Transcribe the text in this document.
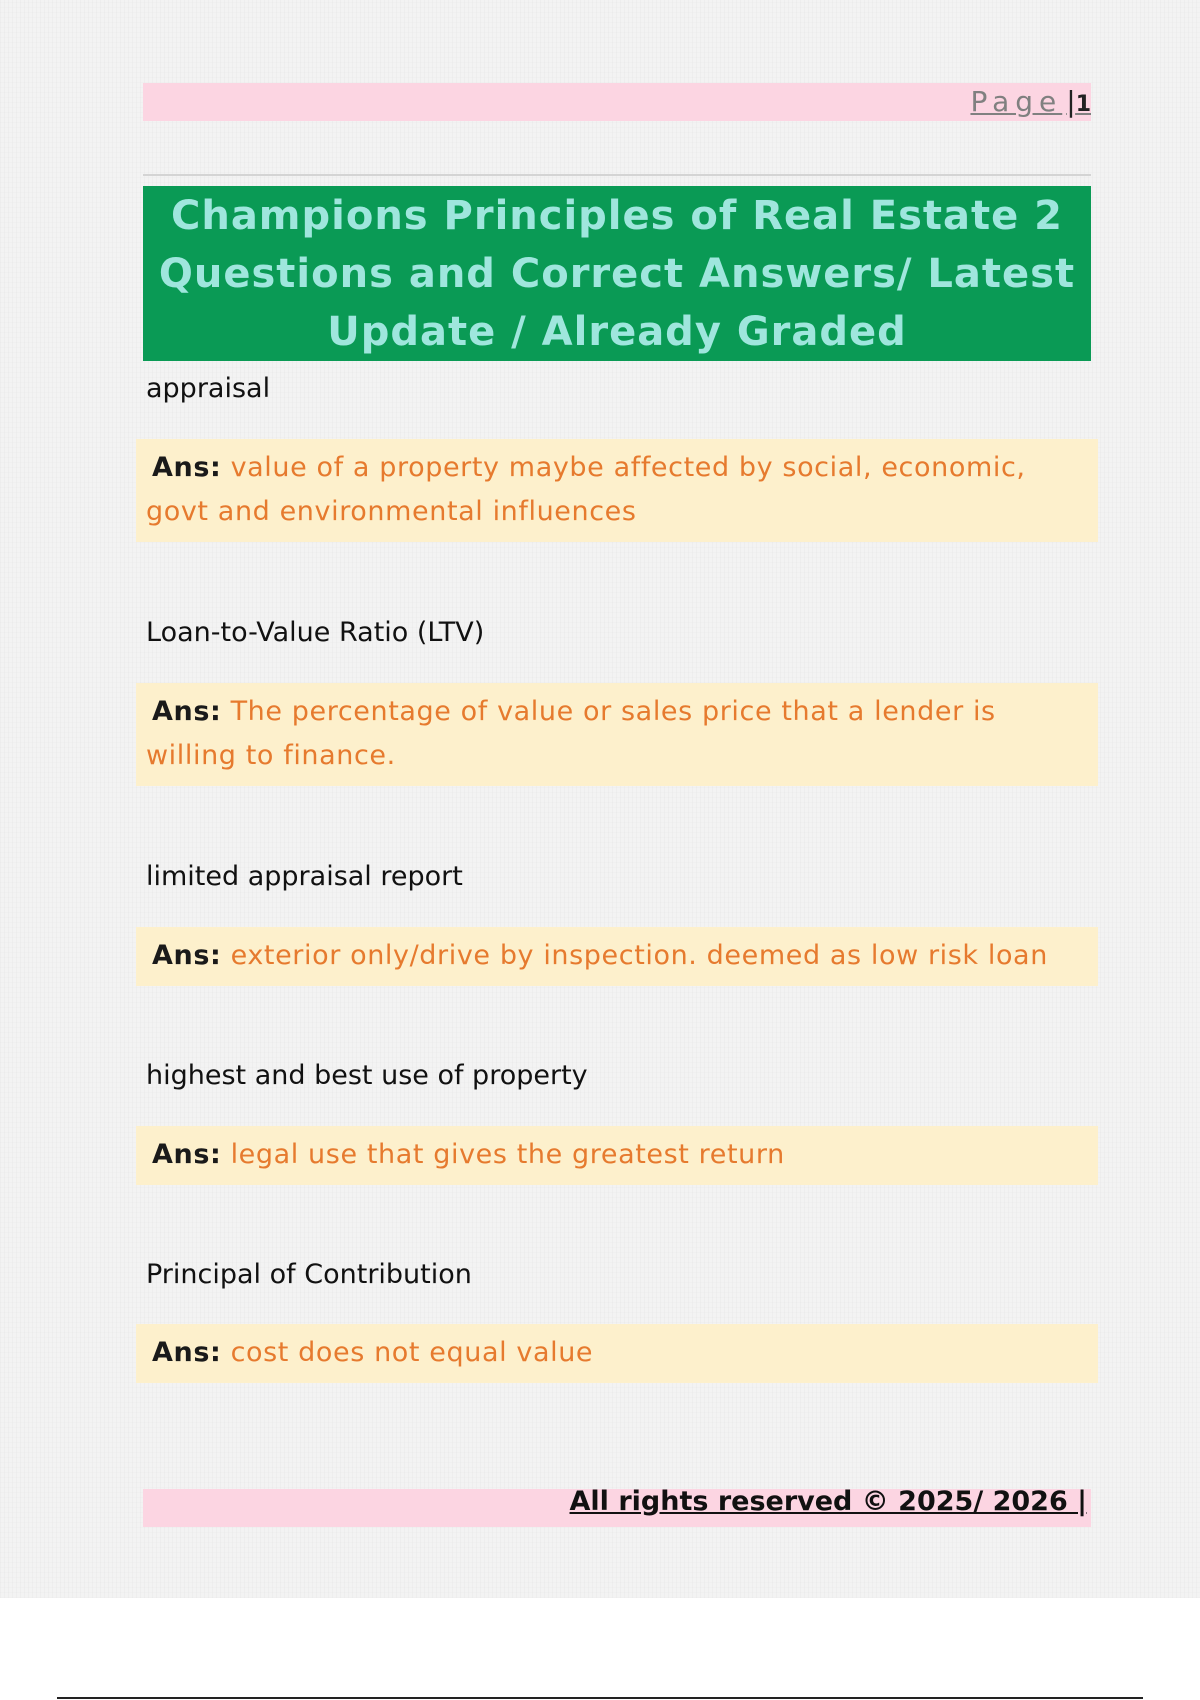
Page |1
Champions Principles of Real Estate 2 Questions and Correct Answers/ Latest Update / Already Graded
appraisal
Ans: value of a property maybe affected by social, economic, govt and environmental influences
Loan-to-Value Ratio (LTV)
Ans: The percentage of value or sales price that a lender is willing to finance.
limited appraisal report
Ans: exterior only/drive by inspection. deemed as low risk loan
highest and best use of property
Ans: legal use that gives the greatest return
Principal of Contribution
Ans: cost does not equal value
All rights reserved © 2025/ 2026 |
